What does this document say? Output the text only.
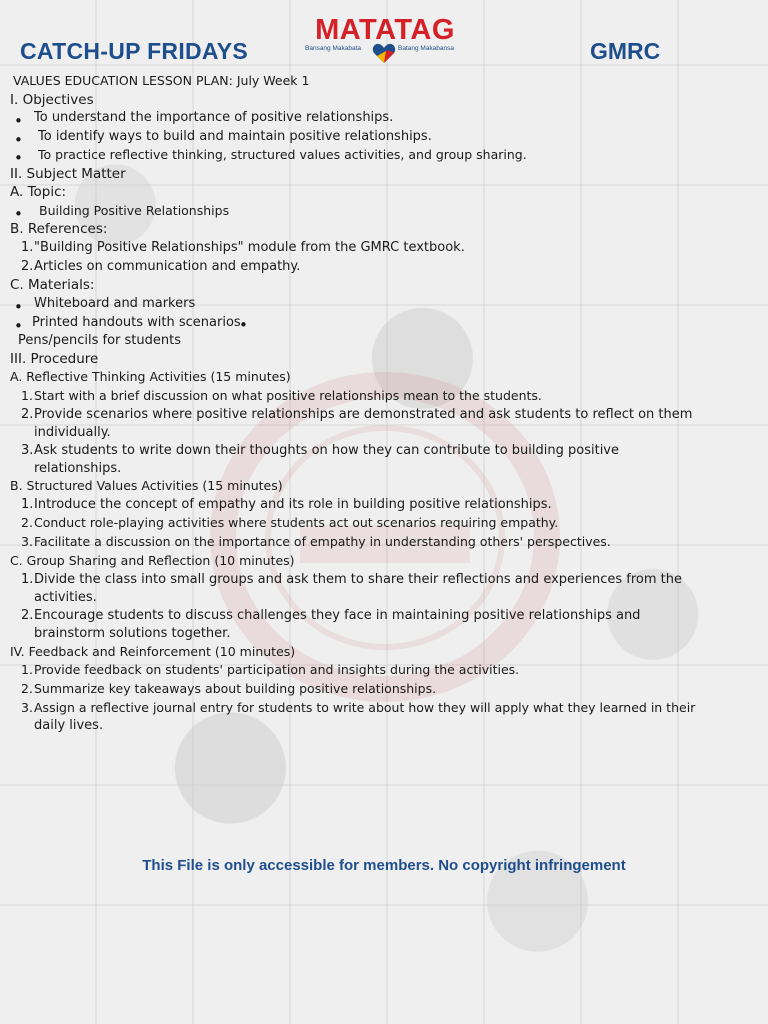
CATCH-UP FRIDAYS
MATATAG
Bansang Makabata	Batang Makabansa	GMRC
VALUES EDUCATION LESSON PLAN: July Week 1
I. Objectives
To understand the importance of positive relationships.
To identify ways to build and maintain positive relationships.
To practice reflective thinking, structured values activities, and group sharing.
II. Subject Matter
A. Topic:
Building Positive Relationships
B. References:
1. "Building Positive Relationships" module from the GMRC textbook.
2. Articles on communication and empathy.
C. Materials:
Whiteboard and markers
Printed handouts with scenarios
•
Pens/pencils for students
III. Procedure
A. Reflective Thinking Activities (15 minutes)
1. Start with a brief discussion on what positive relationships mean to the students.
2. Provide scenarios where positive relationships are demonstrated and ask students to reflect on them
individually.
3. Ask students to write down their thoughts on how they can contribute to building positive
relationships.
B. Structured Values Activities (15 minutes)
1. Introduce the concept of empathy and its role in building positive relationships.
2. Conduct role-playing activities where students act out scenarios requiring empathy.
3. Facilitate a discussion on the importance of empathy in understanding others' perspectives.
C. Group Sharing and Reflection (10 minutes)
1. Divide the class into small groups and ask them to share their reflections and experiences from the
activities.
2. Encourage students to discuss challenges they face in maintaining positive relationships and
brainstorm solutions together.
IV. Feedback and Reinforcement (10 minutes)
1. Provide feedback on students' participation and insights during the activities.
2. Summarize key takeaways about building positive relationships.
3. Assign a reflective journal entry for students to write about how they will apply what they learned in their
daily lives.
This File is only accessible for members. No copyright infringement
